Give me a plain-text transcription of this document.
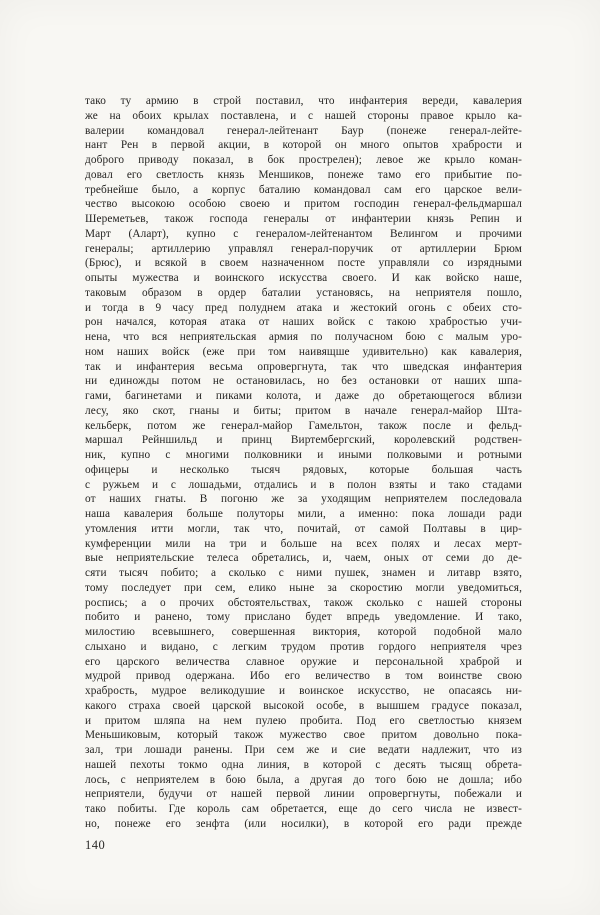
тако ту армию в строй поставил, что инфантерия вереди, кавалерия
же на обоих крылах поставлена, и с нашей стороны правое крыло ка-
валерии командовал генерал-лейтенант Баур (понеже генерал-лейте-
нант Рен в первой акции, в которой он много опытов храбрости и
доброго приводу показал, в бок прострелен); левое же крыло коман-
довал его светлость князь Меншиков, понеже тамо его прибытие по-
требнейше было, а корпус баталию командовал сам его царское вели-
чество высокою особою своею и притом господин генерал-фельдмаршал
Шереметьев, також господа генералы от инфантерии князь Репин и
Март (Аларт), купно с генералом-лейтенантом Велингом и прочими
генералы; артиллерию управлял генерал-поручик от артиллерии Брюм
(Брюс), и всякой в своем назначенном посте управляли со изрядными
опыты мужества и воинского искусства своего. И как войско наше,
таковым образом в ордер баталии установясь, на неприятеля пошло,
и тогда в 9 часу пред полуднем атака и жестокий огонь с обеих сто-
рон начался, которая атака от наших войск с такою храбростью учи-
нена, что вся неприятельская армия по получасном бою с малым уро-
ном наших войск (еже при том наивящше удивительно) как кавалерия,
так и инфантерия весьма опровергнута, так что шведская инфантерия
ни единожды потом не остановилась, но без остановки от наших шпа-
гами, багинетами и пиками колота, и даже до обретающегося вблизи
лесу, яко скот, гнаны и биты; притом в начале генерал-майор Шта-
кельберк, потом же генерал-майор Гамельтон, також после и фельд-
маршал Рейншильд и принц Виртембергский, королевский родствен-
ник, купно с многими полковники и иными полковыми и ротными
офицеры и несколько тысяч рядовых, которые большая часть
с ружьем и с лошадьми, отдались и в полон взяты и тако стадами
от наших гнаты. В погоню же за уходящим неприятелем последовала
наша кавалерия больше полуторы мили, а именно: пока лошади ради
утомления итти могли, так что, почитай, от самой Полтавы в цир-
кумференции мили на три и больше на всех полях и лесах мерт-
вые неприятельские телеса обретались, и, чаем, оных от семи до де-
сяти тысяч побито; а сколько с ними пушек, знамен и литавр взято,
тому последует при сем, елико ныне за скоростию могли уведомиться,
роспись; а о прочих обстоятельствах, також сколько с нашей стороны
побито и ранено, тому прислано будет впредь уведомление. И тако,
милостию всевышнего, совершенная виктория, которой подобной мало
слыхано и видано, с легким трудом против гордого неприятеля чрез
его царского величества славное оружие и персональной храброй и
мудрой привод одержана. Ибо его величество в том воинстве свою
храбрость, мудрое великодушие и воинское искусство, не опасаясь ни-
какого страха своей царской высокой особе, в вышшем градусе показал,
и притом шляпа на нем пулею пробита. Под его светлостью князем
Меньшиковым, который також мужество свое притом довольно пока-
зал, три лошади ранены. При сем же и сие ведати надлежит, что из
нашей пехоты токмо одна линия, в которой с десять тысящ обрета-
лось, с неприятелем в бою была, а другая до того бою не дошла; ибо
неприятели, будучи от нашей первой линии опровергнуты, побежали и
тако побиты. Где король сам обретается, еще до сего числа не извест-
но, понеже его зенфта (или носилки), в которой его ради прежде
140
